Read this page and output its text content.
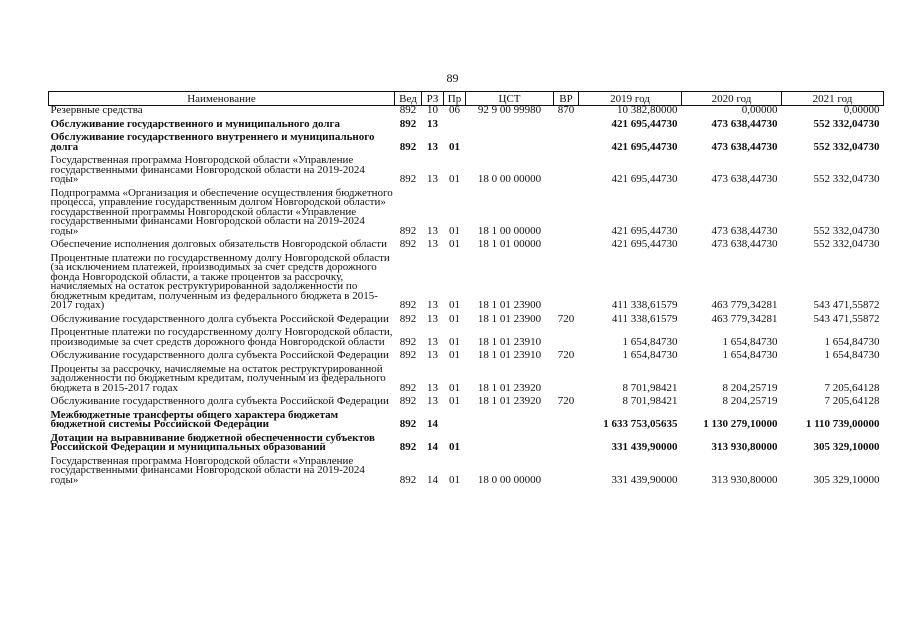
89
Наименование	Вед	РЗ	Пр	ЦСТ	ВР	2019 год	2020 год	2021 год
Резервные средства	892	10	06	92 9 00 99980	870	10 382,80000	0,00000	0,00000
Обслуживание государственного и муниципального долга	892	13				421 695,44730	473 638,44730	552 332,04730
Обслуживание государственного внутреннего и муниципального долга	892	13	01			421 695,44730	473 638,44730	552 332,04730
Государственная программа Новгородской области «Управление государственными финансами Новгородской области на 2019-2024 годы»	892	13	01	18 0 00 00000		421 695,44730	473 638,44730	552 332,04730
Подпрограмма «Организация и обеспечение осуществления бюджетного процесса, управление государственным долгом Новгородской области» государственной программы Новгородской области «Управление государственными финансами Новгородской области на 2019-2024 годы»	892	13	01	18 1 00 00000		421 695,44730	473 638,44730	552 332,04730
Обеспечение исполнения долговых обязательств Новгородской области	892	13	01	18 1 01 00000		421 695,44730	473 638,44730	552 332,04730
Процентные платежи по государственному долгу Новгородской области (за исключением платежей, производимых за счет средств дорожного фонда Новгородской области, а также процентов за рассрочку, начисляемых на остаток реструктурированной задолженности по бюджетным кредитам, полученным из федерального бюджета в 2015-2017 годах)	892	13	01	18 1 01 23900		411 338,61579	463 779,34281	543 471,55872
Обслуживание государственного долга субъекта Российской Федерации	892	13	01	18 1 01 23900	720	411 338,61579	463 779,34281	543 471,55872
Процентные платежи по государственному долгу Новгородской области, производимые за счет средств дорожного фонда Новгородской области	892	13	01	18 1 01 23910		1 654,84730	1 654,84730	1 654,84730
Обслуживание государственного долга субъекта Российской Федерации	892	13	01	18 1 01 23910	720	1 654,84730	1 654,84730	1 654,84730
Проценты за рассрочку, начисляемые на остаток реструктурированной задолженности по бюджетным кредитам, полученным из федерального бюджета в 2015-2017 годах	892	13	01	18 1 01 23920		8 701,98421	8 204,25719	7 205,64128
Обслуживание государственного долга субъекта Российской Федерации	892	13	01	18 1 01 23920	720	8 701,98421	8 204,25719	7 205,64128
Межбюджетные трансферты общего характера бюджетам бюджетной системы Российской Федерации	892	14				1 633 753,05635	1 130 279,10000	1 110 739,00000
Дотации на выравнивание бюджетной обеспеченности субъектов Российской Федерации и муниципальных образований	892	14	01			331 439,90000	313 930,80000	305 329,10000
Государственная программа Новгородской области «Управление государственными финансами Новгородской области на 2019-2024 годы»	892	14	01	18 0 00 00000		331 439,90000	313 930,80000	305 329,10000
